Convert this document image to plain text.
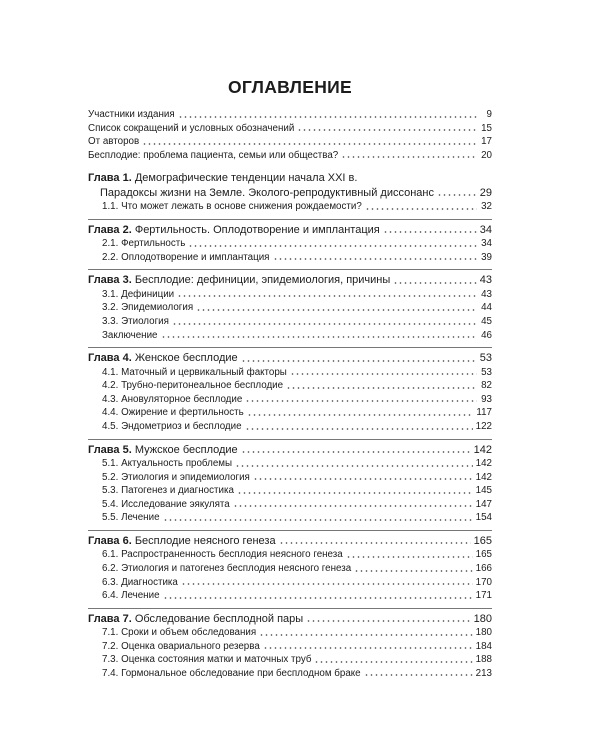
ОГЛАВЛЕНИЕ
Участники издания	9
Список сокращений и условных обозначений	15
От авторов	17
Бесплодие: проблема пациента, семьи или общества?	20
Глава 1. Демографические тенденции начала XXI в.
Парадоксы жизни на Земле. Эколого-репродуктивный диссонанс	29
1.1. Что может лежать в основе снижения рождаемости?	32
Глава 2. Фертильность. Оплодотворение и имплантация	34
2.1. Фертильность	34
2.2. Оплодотворение и имплантация	39
Глава 3. Бесплодие: дефиниции, эпидемиология, причины	43
3.1. Дефиниции	43
3.2. Эпидемиология	44
3.3. Этиология	45
Заключение	46
Глава 4. Женское бесплодие	53
4.1. Маточный и цервикальный факторы	53
4.2. Трубно-перитонеальное бесплодие	82
4.3. Ановуляторное бесплодие	93
4.4. Ожирение и фертильность	117
4.5. Эндометриоз и бесплодие	122
Глава 5. Мужское бесплодие	142
5.1. Актуальность проблемы	142
5.2. Этиология и эпидемиология	142
5.3. Патогенез и диагностика	145
5.4. Исследование эякулята	147
5.5. Лечение	154
Глава 6. Бесплодие неясного генеза	165
6.1. Распространенность бесплодия неясного генеза	165
6.2. Этиология и патогенез бесплодия неясного генеза	166
6.3. Диагностика	170
6.4. Лечение	171
Глава 7. Обследование бесплодной пары	180
7.1. Сроки и объем обследования	180
7.2. Оценка овариального резерва	184
7.3. Оценка состояния матки и маточных труб	188
7.4. Гормональное обследование при бесплодном браке	213
